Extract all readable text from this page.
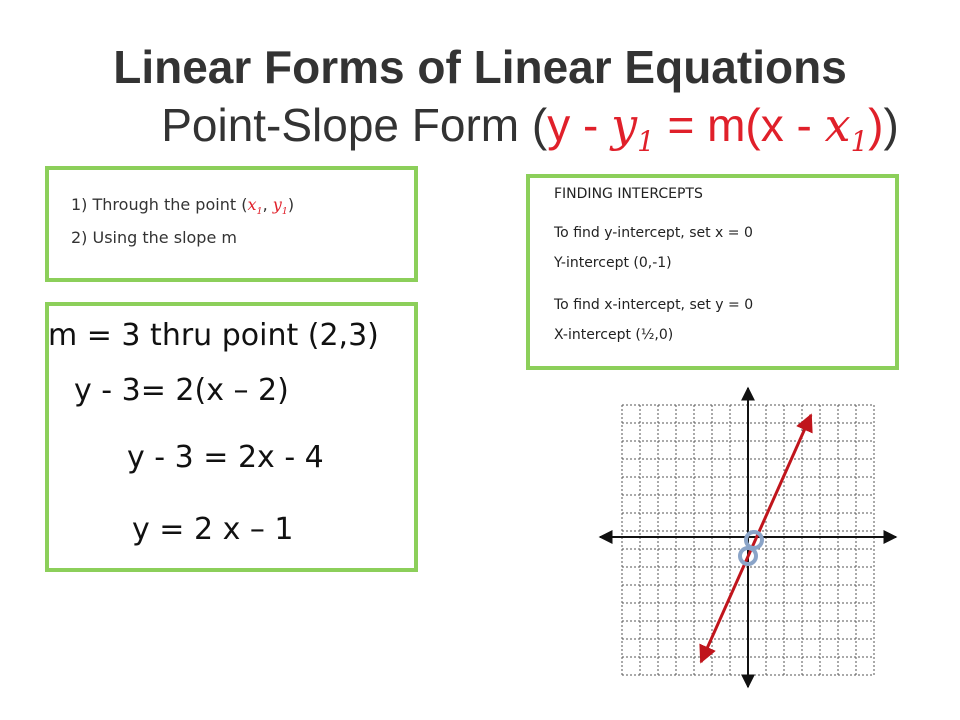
Linear Forms of Linear Equations
Point-Slope Form $(y - y_1 = m(x - x_1))$
1) Through the point ($x_1$, $y_1$)
2) Using the slope m
m = 3 thru point (2,3)
y - 3= 2(x – 2)
y - 3 = 2x - 4
y = 2 x – 1
FINDING INTERCEPTS
To find y-intercept, set x = 0
Y-intercept (0,-1)
To find x-intercept, set y = 0
X-intercept (½,0)
